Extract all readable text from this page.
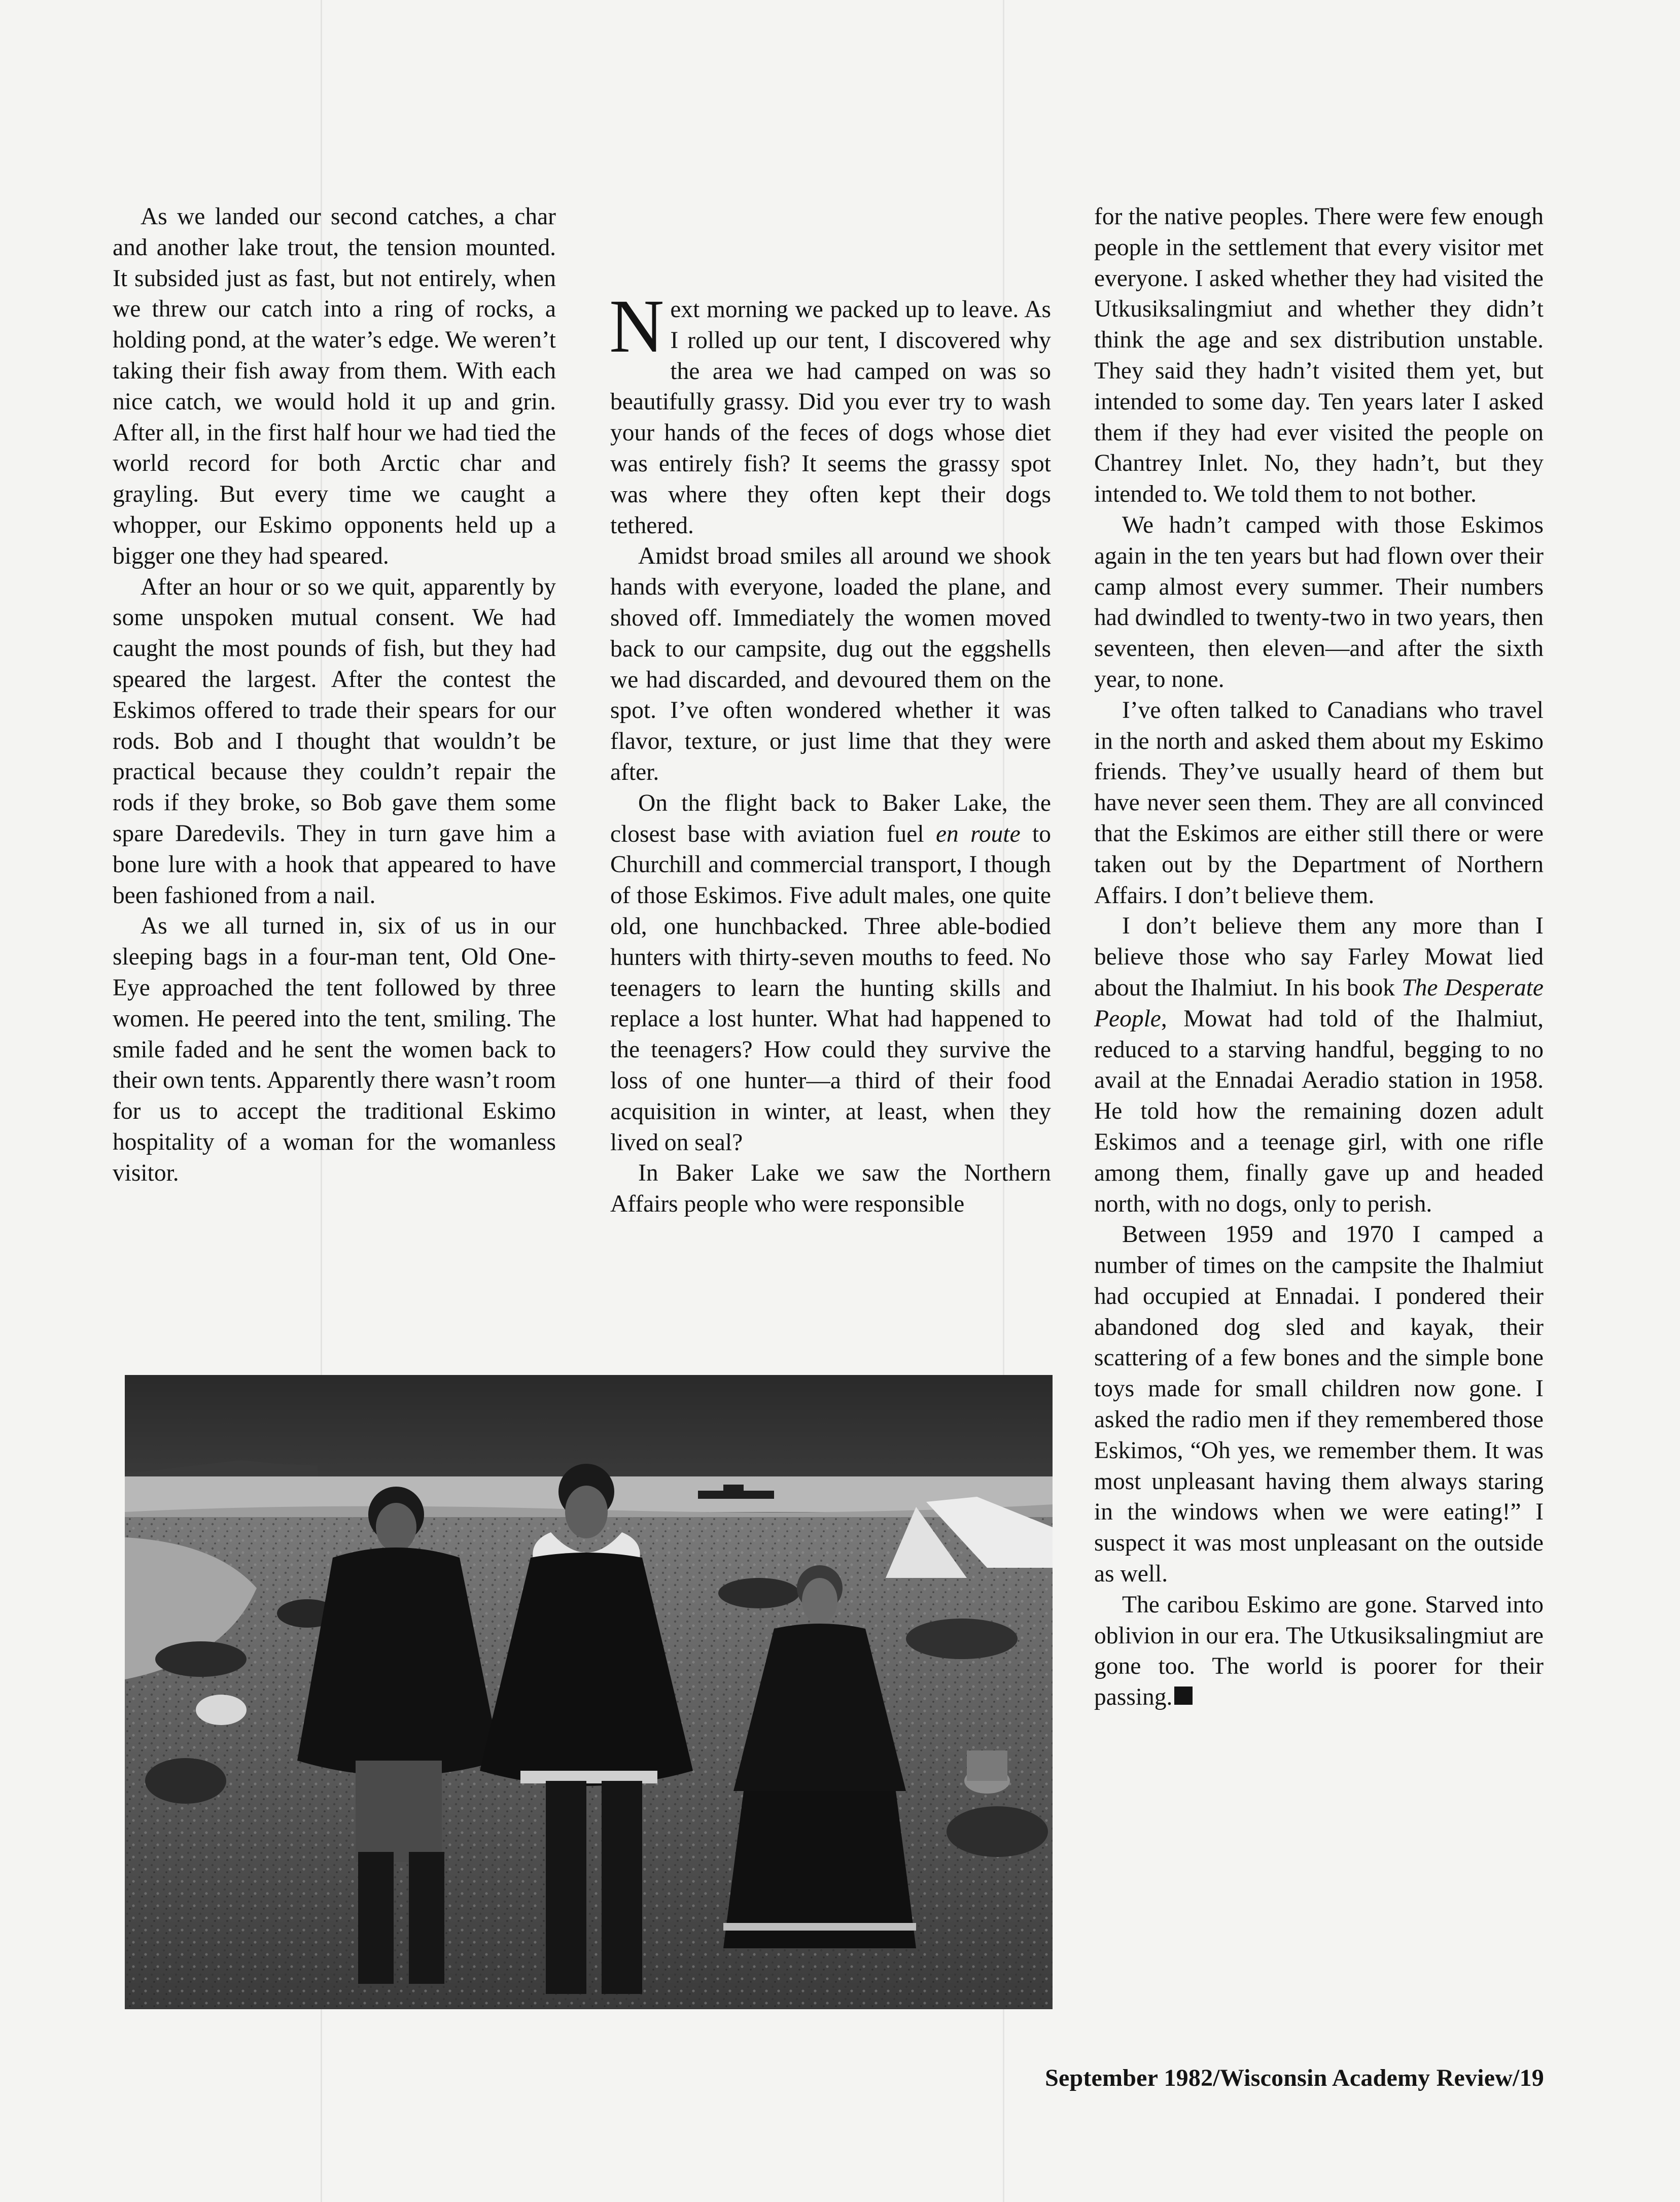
As we landed our second catches, a char and another lake trout, the tension mounted. It subsided just as fast, but not entirely, when we threw our catch into a ring of rocks, a holding pond, at the water’s edge. We weren’t taking their fish away from them. With each nice catch, we would hold it up and grin. After all, in the first half hour we had tied the world record for both Arctic char and grayling. But every time we caught a whopper, our Eskimo opponents held up a bigger one they had speared.

After an hour or so we quit, apparently by some unspoken mutual consent. We had caught the most pounds of fish, but they had speared the largest. After the contest the Eskimos offered to trade their spears for our rods. Bob and I thought that wouldn’t be practical because they couldn’t repair the rods if they broke, so Bob gave them some spare Daredevils. They in turn gave him a bone lure with a hook that appeared to have been fashioned from a nail.

As we all turned in, six of us in our sleeping bags in a four-man tent, Old One-Eye approached the tent followed by three women. He peered into the tent, smiling. The smile faded and he sent the women back to their own tents. Apparently there wasn’t room for us to accept the traditional Eskimo hospitality of a woman for the womanless visitor.

Next morning we packed up to leave. As I rolled up our tent, I discovered why the area we had camped on was so beautifully grassy. Did you ever try to wash your hands of the feces of dogs whose diet was entirely fish? It seems the grassy spot was where they often kept their dogs tethered.

Amidst broad smiles all around we shook hands with everyone, loaded the plane, and shoved off. Immediately the women moved back to our campsite, dug out the eggshells we had discarded, and devoured them on the spot. I’ve often wondered whether it was flavor, texture, or just lime that they were after.

On the flight back to Baker Lake, the closest base with aviation fuel en route to Churchill and commercial transport, I though of those Eskimos. Five adult males, one quite old, one hunchbacked. Three able-bodied hunters with thirty-seven mouths to feed. No teenagers to learn the hunting skills and replace a lost hunter. What had happened to the teenagers? How could they survive the loss of one hunter—a third of their food acquisition in winter, at least, when they lived on seal?

In Baker Lake we saw the Northern Affairs people who were responsible

for the native peoples. There were few enough people in the settlement that every visitor met everyone. I asked whether they had visited the Utkusiksalingmiut and whether they didn’t think the age and sex distribution unstable. They said they hadn’t visited them yet, but intended to some day. Ten years later I asked them if they had ever visited the people on Chantrey Inlet. No, they hadn’t, but they intended to. We told them to not bother.

We hadn’t camped with those Eskimos again in the ten years but had flown over their camp almost every summer. Their numbers had dwindled to twenty-two in two years, then seventeen, then eleven—and after the sixth year, to none.

I’ve often talked to Canadians who travel in the north and asked them about my Eskimo friends. They’ve usually heard of them but have never seen them. They are all convinced that the Eskimos are either still there or were taken out by the Department of Northern Affairs. I don’t believe them.

I don’t believe them any more than I believe those who say Farley Mowat lied about the Ihalmiut. In his book The Desperate People, Mowat had told of the Ihalmiut, reduced to a starving handful, begging to no avail at the Ennadai Aeradio station in 1958. He told how the remaining dozen adult Eskimos and a teenage girl, with one rifle among them, finally gave up and headed north, with no dogs, only to perish.

Between 1959 and 1970 I camped a number of times on the campsite the Ihalmiut had occupied at Ennadai. I pondered their abandoned dog sled and kayak, their scattering of a few bones and the simple bone toys made for small children now gone. I asked the radio men if they remembered those Eskimos, “Oh yes, we remember them. It was most unpleasant having them always staring in the windows when we were eating!” I suspect it was most unpleasant on the outside as well.

The caribou Eskimo are gone. Starved into oblivion in our era. The Utkusiksalingmiut are gone too. The world is poorer for their passing.

September 1982/Wisconsin Academy Review/19
